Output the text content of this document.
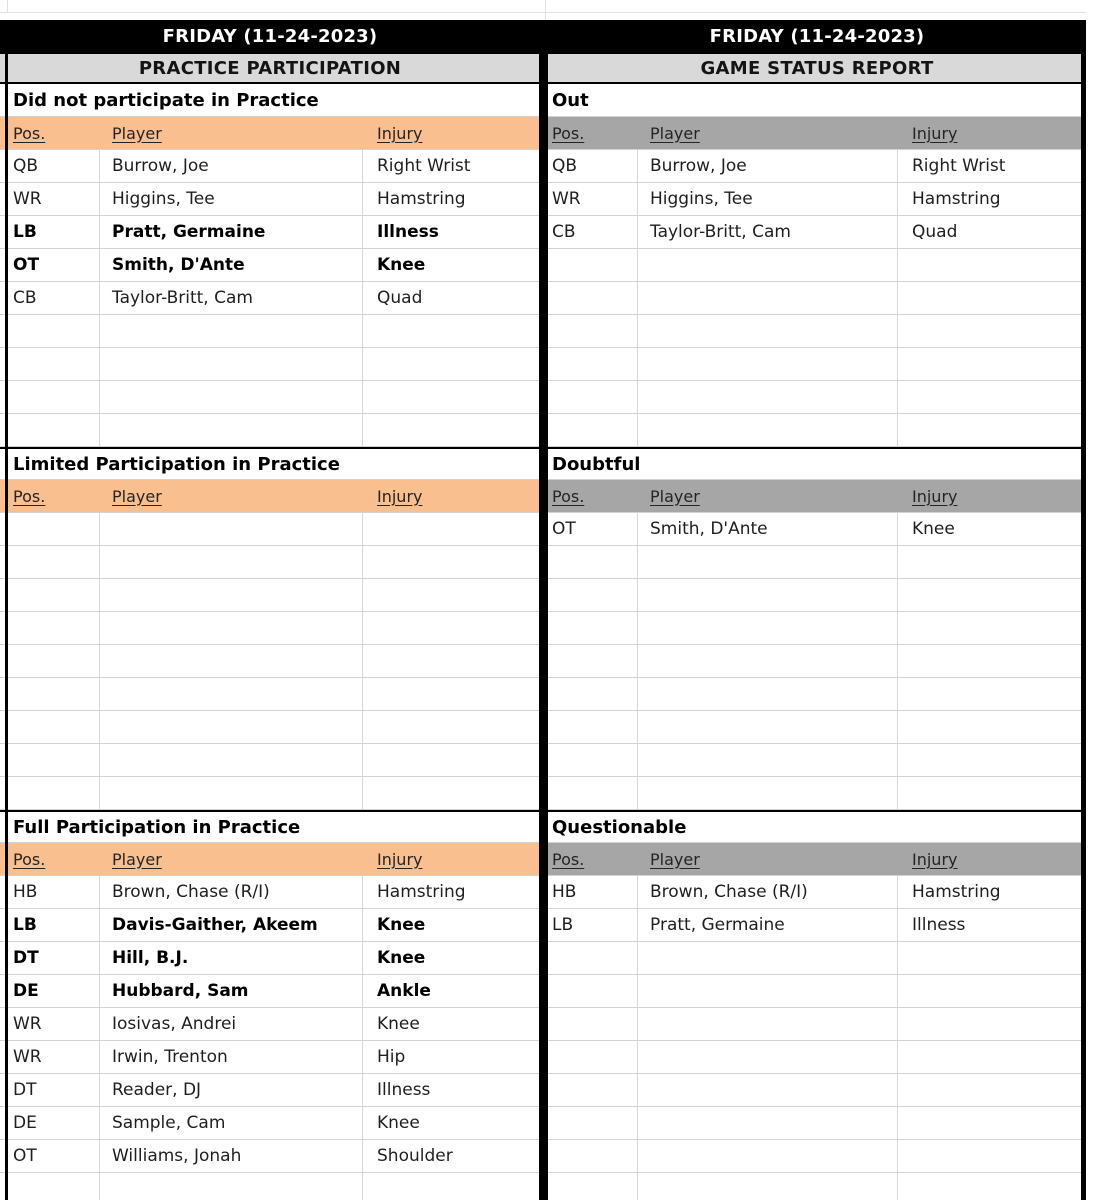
FRIDAY (11-24-2023)	FRIDAY (11-24-2023)
PRACTICE PARTICIPATION
Did not participate in Practice
Pos.	Player	Injury
QB	Burrow, Joe	Right Wrist
WR	Higgins, Tee	Hamstring
LB	Pratt, Germaine	Illness
OT	Smith, D'Ante	Knee
CB	Taylor-Britt, Cam	Quad
Limited Participation in Practice
Pos.	Player	Injury
Full Participation in Practice
Pos.	Player	Injury
HB	Brown, Chase (R/I)	Hamstring
LB	Davis-Gaither, Akeem	Knee
DT	Hill, B.J.	Knee
DE	Hubbard, Sam	Ankle
WR	Iosivas, Andrei	Knee
WR	Irwin, Trenton	Hip
DT	Reader, DJ	Illness
DE	Sample, Cam	Knee
OT	Williams, Jonah	Shoulder
GAME STATUS REPORT
Out
Pos.	Player	Injury
QB	Burrow, Joe	Right Wrist
WR	Higgins, Tee	Hamstring
CB	Taylor-Britt, Cam	Quad
Doubtful
Pos.	Player	Injury
OT	Smith, D'Ante	Knee
Questionable
Pos.	Player	Injury
HB	Brown, Chase (R/I)	Hamstring
LB	Pratt, Germaine	Illness
